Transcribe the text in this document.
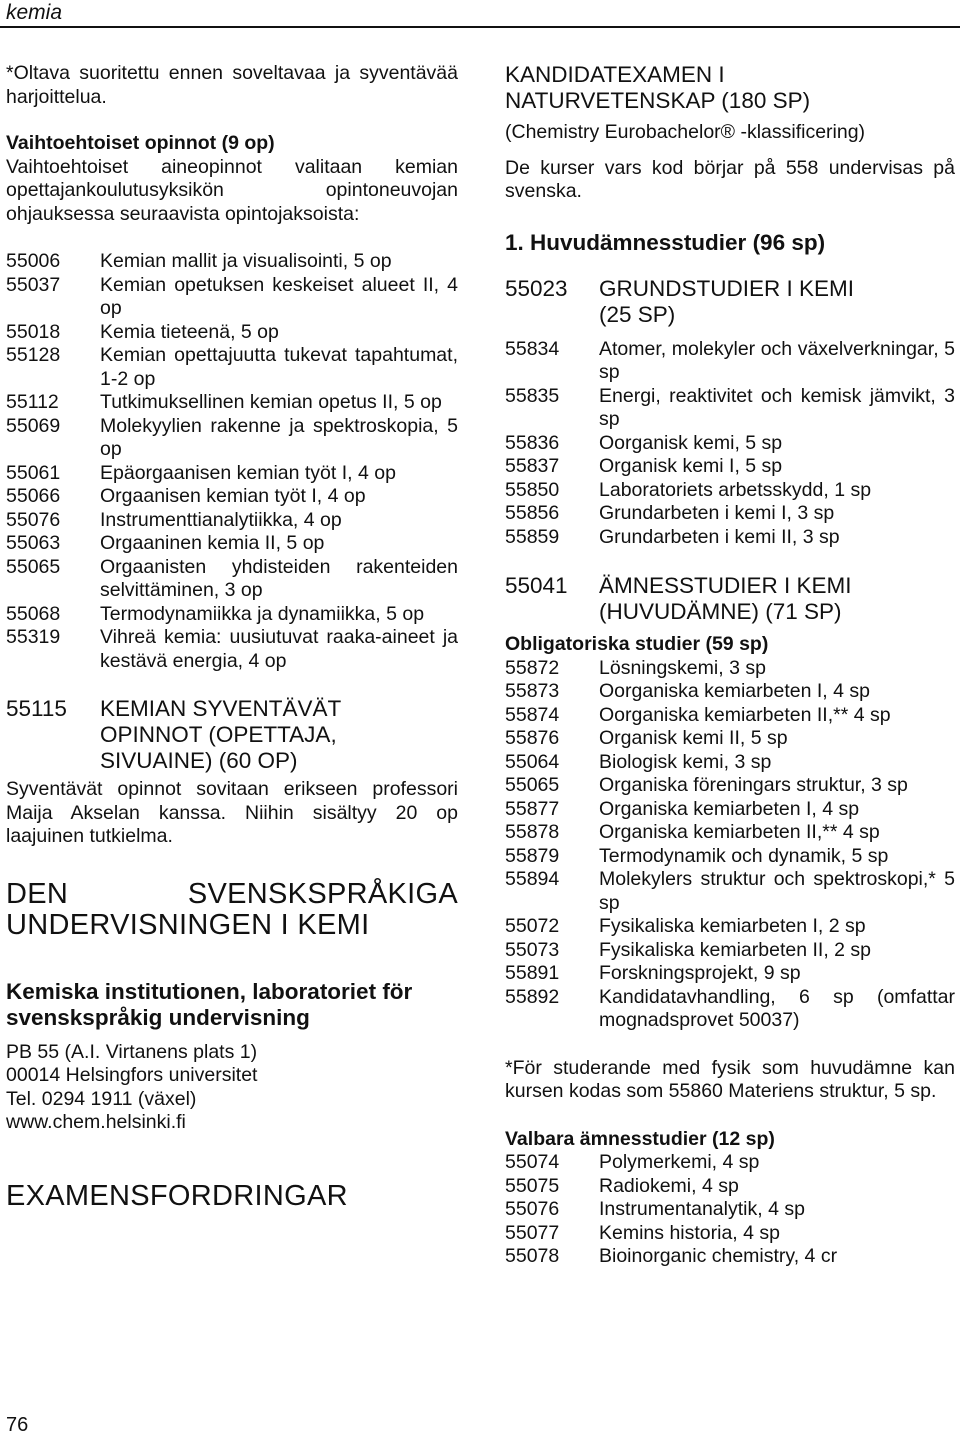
kemia

*Oltava suoritettu ennen soveltavaa ja syventävää harjoittelua.

Vaihtoehtoiset opinnot (9 op)

Vaihtoehtoiset aineopinnot valitaan kemian opettajankoulutusyksikön opintoneuvojan ohjauksessa seuraavista opintojaksoista:

55006	Kemian mallit ja visualisointi, 5 op
55037	Kemian opetuksen keskeiset alueet II, 4 op
55018	Kemia tieteenä, 5 op
55128	Kemian opettajuutta tukevat tapahtumat, 1-2 op
55112	Tutkimuksellinen kemian opetus II, 5 op
55069	Molekyylien rakenne ja spektroskopia, 5 op
55061	Epäorgaanisen kemian työt I, 4 op
55066	Orgaanisen kemian työt I, 4 op
55076	Instrumenttianalytiikka, 4 op
55063	Orgaaninen kemia II, 5 op
55065	Orgaanisten yhdisteiden rakenteiden selvittäminen, 3 op
55068	Termodynamiikka ja dynamiikka, 5 op
55319	Vihreä kemia: uusiutuvat raaka-aineet ja kestävä energia, 4 op
55115	KEMIAN SYVENTÄVÄT OPINNOT (OPETTAJA, SIVUAINE) (60 OP)

Syventävät opinnot sovitaan erikseen professori Maija Akselan kanssa. Niihin sisältyy 20 op laajuinen tutkielma.

DEN SVENSKSPRÅKIGA UNDERVISNINGEN I KEMI

Kemiska institutionen, laboratoriet för svenskspråkig undervisning

PB 55 (A.I. Virtanens plats 1)

00014 Helsingfors universitet

Tel. 0294 1911 (växel)

www.chem.helsinki.fi

EXAMENSFORDRINGAR

KANDIDATEXAMEN I NATURVETENSKAP (180 SP)

(Chemistry Eurobachelor® -klassificering)

De kurser vars kod börjar på 558 undervisas på svenska.

1. Huvudämnesstudier (96 sp)

55023	GRUNDSTUDIER I KEMI (25 SP)
55834	Atomer, molekyler och växelverkningar, 5 sp
55835	Energi, reaktivitet och kemisk jämvikt, 3 sp
55836	Oorganisk kemi, 5 sp
55837	Organisk kemi I, 5 sp
55850	Laboratoriets arbetsskydd, 1 sp
55856	Grundarbeten i kemi I, 3 sp
55859	Grundarbeten i kemi II, 3 sp
55041	ÄMNESSTUDIER I KEMI (HUVUDÄMNE) (71 SP)

Obligatoriska studier (59 sp)

55872	Lösningskemi, 3 sp
55873	Oorganiska kemiarbeten I, 4 sp
55874	Oorganiska kemiarbeten II,** 4 sp
55876	Organisk kemi II, 5 sp
55064	Biologisk kemi, 3 sp
55065	Organiska föreningars struktur, 3 sp
55877	Organiska kemiarbeten I, 4 sp
55878	Organiska kemiarbeten II,** 4 sp
55879	Termodynamik och dynamik, 5 sp
55894	Molekylers struktur och spektroskopi,* 5 sp
55072	Fysikaliska kemiarbeten I, 2 sp
55073	Fysikaliska kemiarbeten II, 2 sp
55891	Forskningsprojekt, 9 sp
55892	Kandidatavhandling, 6 sp (omfattar mognadsprovet 50037)

*För studerande med fysik som huvudämne kan kursen kodas som 55860 Materiens struktur, 5 sp.

Valbara ämnesstudier (12 sp)

55074	Polymerkemi, 4 sp
55075	Radiokemi, 4 sp
55076	Instrumentanalytik, 4 sp
55077	Kemins historia, 4 sp
55078	Bioinorganic chemistry, 4 cr
76
